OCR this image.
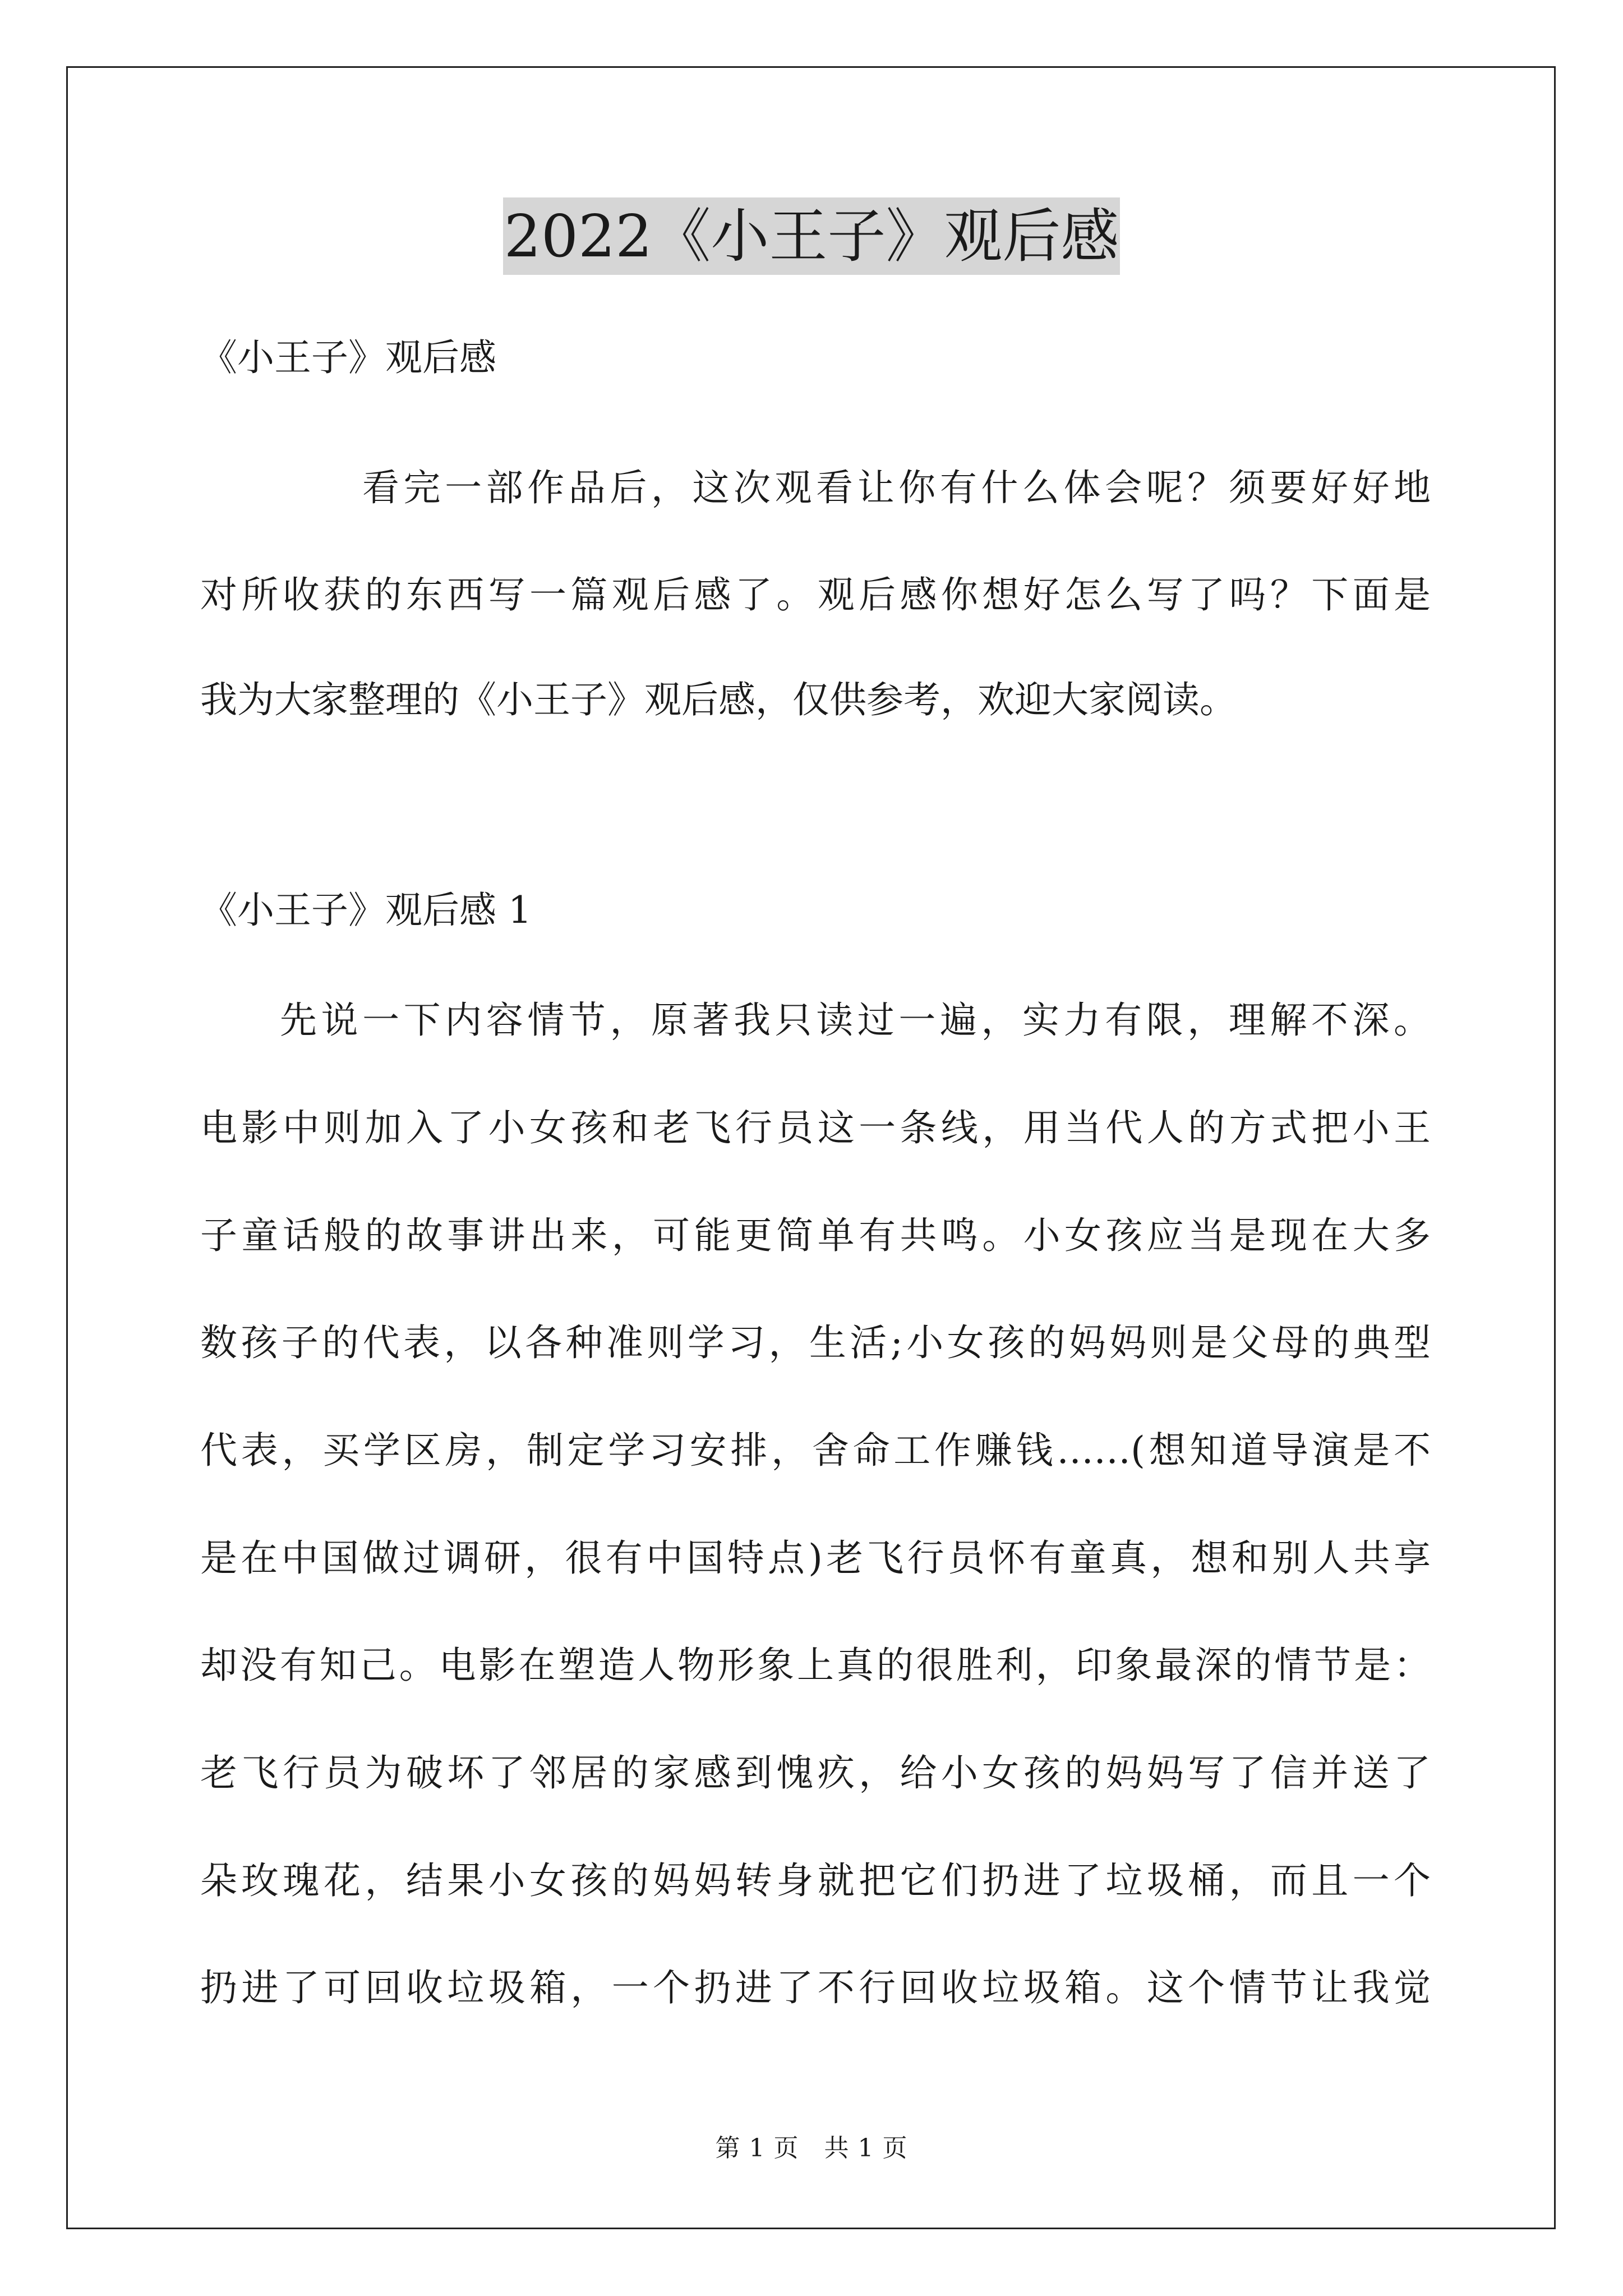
2022《小王子》观后感
《小王子》观后感
看完一部作品后，这次观看让你有什么体会呢？须要好好地
对所收获的东西写一篇观后感了。观后感你想好怎么写了吗？下面是
我为大家整理的《小王子》观后感，仅供参考，欢迎大家阅读。
《小王子》观后感 1
先说一下内容情节，原著我只读过一遍，实力有限，理解不深。
电影中则加入了小女孩和老飞行员这一条线，用当代人的方式把小王
子童话般的故事讲出来，可能更简单有共鸣。小女孩应当是现在大多
数孩子的代表，以各种准则学习，生活;小女孩的妈妈则是父母的典型
代表，买学区房，制定学习安排，舍命工作赚钱……(想知道导演是不
是在中国做过调研，很有中国特点)老飞行员怀有童真，想和别人共享
却没有知己。电影在塑造人物形象上真的很胜利，印象最深的情节是：
老飞行员为破坏了邻居的家感到愧疚，给小女孩的妈妈写了信并送了
朵玫瑰花，结果小女孩的妈妈转身就把它们扔进了垃圾桶，而且一个
扔进了可回收垃圾箱，一个扔进了不行回收垃圾箱。这个情节让我觉
第 1 页　共 1 页
